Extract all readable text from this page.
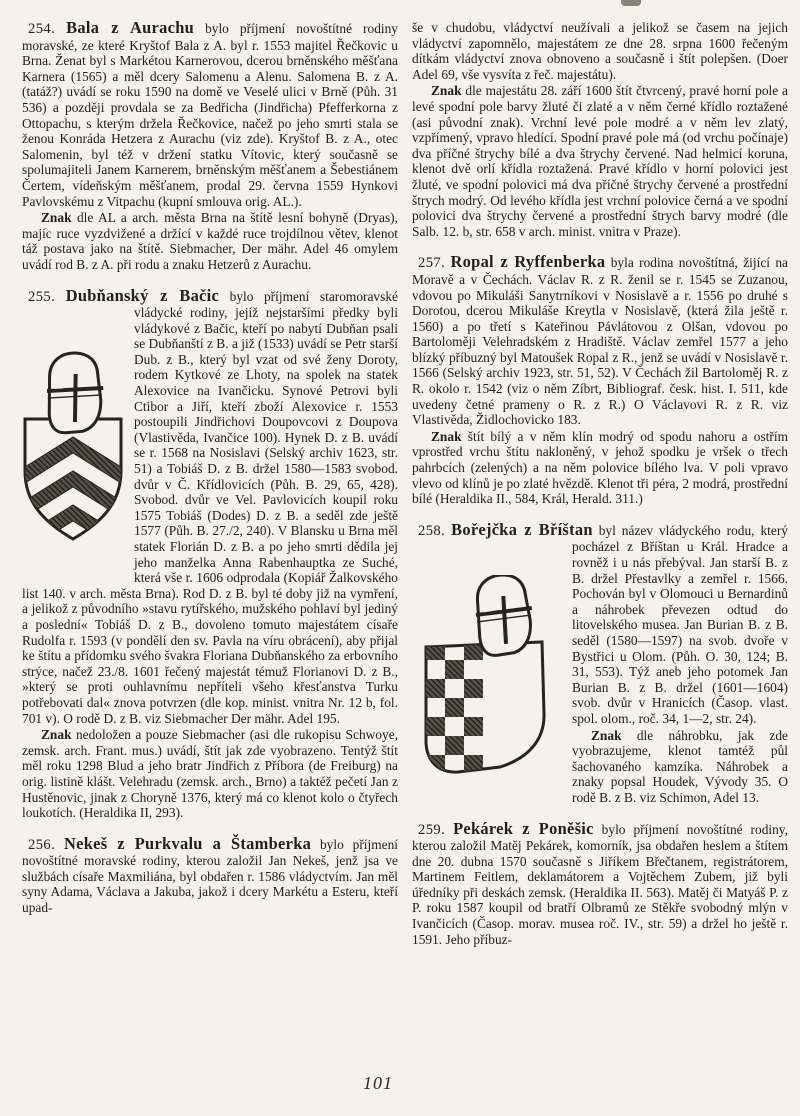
254. Bala z Aurachu bylo příjmení novoštítné rodiny moravské, ze které Kryštof Bala z A. byl r. 1553 majitel Řečkovic u Brna. Ženat byl s Markétou Karnerovou, dcerou brněnského měšťana Karnera (1565) a měl dcery Salomenu a Alenu. Salomena B. z A. (tatáž?) uvádí se roku 1590 na domě ve Veselé ulici v Brně (Půh. 31 536) a později provdala se za Bedřicha (Jindřicha) Pfefferkorna z Ottopachu, s kterým držela Řečkovice, načež po jeho smrti stala se ženou Konráda Hetzera z Aurachu (viz zde). Kryštof B. z A., otec Salomenin, byl též v držení statku Vítovic, který současně se spolumajiteli Janem Karnerem, brněnským měšťanem a Šebestiánem Čertem, vídeňským měšťanem, prodal 29. června 1559 Hynkovi Pavlovskému z Vitpachu (kupní smlouva orig. AL.).

Znak dle AL a arch. města Brna na štítě lesní bohyně (Dryas), majíc ruce vyzdvižené a držící v každé ruce trojdílnou větev, klenot táž postava jako na štítě. Siebmacher, Der mähr. Adel 46 omylem uvádí rod B. z A. při rodu a znaku Hetzerů z Aurachu.

255. Dubňanský z Bačic bylo příjmení staromoravské
vládycké rodiny, jejíž nejstaršími předky byli vládykové z Bačic, kteří po nabytí Dubňan psali se Dubňanští z B. a již (1533) uvádí se Petr starší Dub. z B., který byl vzat od své ženy Doroty, rodem Kytkové ze Lhoty, na spolek na statek Alexovice na Ivančicku. Synové Petrovi byli Ctibor a Jiří, kteří zboží Alexovice r. 1553 postoupili Jindřichovi Doupovcovi z Doupova (Vlastivěda, Ivančice 100). Hynek D. z B. uvádí se r. 1568 na Nosislavi (Selský archiv 1623, str. 51) a Tobiáš D. z B. držel 1580—1583 svobod. dvůr v Č. Křídlovicích (Půh. B. 29, 65, 428). Svobod. dvůr ve Vel. Pavlovicích koupil roku 1575 Tobiáš (Dodes) D. z B. a seděl zde ještě 1577 (Půh. B. 27./2, 240). V Blansku u Brna měl statek Florián D. z B. a po jeho smrti dědila jej jeho manželka Anna Rabenhauptka ze Suché, která vše r. 1606 odprodala (Kopiář Žalkovského list 140. v arch. města Brna). Rod D. z B. byl té doby již na vymření, a jelikož z původního »stavu rytířského, mužského pohlaví byl jediný a poslední« Tobiáš D. z B., dovoleno tomuto majestátem císaře Rudolfa r. 1593 (v pondělí den sv. Pavla na víru obrácení), aby přijal ke štítu a přídomku svého švakra Floriana Dubňanského za erbovního strýce, načež 23./8. 1601 řečený majestát témuž Florianovi D. z B., »který se proti ouhlavnímu nepříteli všeho křesťanstva Turku potřebovati dal« znova potvrzen (dle kop. minist. vnitra Nr. 12 b, fol. 701 v). O rodě D. z B. viz Siebmacher Der mähr. Adel 195.

Znak nedoložen a pouze Siebmacher (asi dle rukopisu Schwoye, zemsk. arch. Frant. mus.) uvádí, štít jak zde vyobrazeno. Tentýž štít měl roku 1298 Blud a jeho bratr Jindřich z Příbora (de Freiburg) na orig. listině klášt. Velehradu (zemsk. arch., Brno) a taktéž pečetí Jan z Hustěnovic, jinak z Choryně 1376, který má co klenot kolo o čtyřech loukotích. (Heraldika II, 293).

256. Nekeš z Purkvalu a Štamberka bylo příjmení novoštítné moravské rodiny, kterou založil Jan Nekeš, jenž jsa ve službách císaře Maxmiliána, byl obdařen r. 1586 vládyctvím. Jan měl syny Adama, Václava a Jakuba, jakož i dcery Markétu a Esteru, kteří upad-

še v chudobu, vládyctví neužívali a jelikož se časem na jejich vládyctví zapomnělo, majestátem ze dne 28. srpna 1600 řečeným dítkám vládyctví znova obnoveno a současně i štít polepšen. (Doer Adel 69, vše vysvíta z řeč. majestátu).

Znak dle majestátu 28. září 1600 štít čtvrcený, pravé horní pole a levé spodní pole barvy žluté či zlaté a v něm černé křídlo roztažené (asi původní znak). Vrchní levé pole modré a v něm lev zlatý, vzpřímený, vpravo hledící. Spodní pravé pole má (od vrchu počínaje) dva příčné štrychy bílé a dva štrychy červené. Nad helmicí koruna, klenot dvě orlí křídla roztažená. Pravé křídlo v horní polovici jest žluté, ve spodní polovici má dva příčné štrychy červené a prostřední štrych modrý. Od levého křídla jest vrchní polovice černá a ve spodní polovici dva štrychy červené a prostřední štrych barvy modré (dle Salb. 12. b, str. 658 v arch. minist. vnitra v Praze).

257. Ropal z Ryffenberka byla rodina novoštítná, žijící na Moravě a v Čechách. Václav R. z R. ženil se r. 1545 se Zuzanou, vdovou po Mikuláši Sanytrníkovi v Nosislavě a r. 1556 po druhé s Dorotou, dcerou Mikuláše Kreytla v Nosislavě, (která žila ještě r. 1560) a po třetí s Kateřinou Pávlátovou z Olšan, vdovou po Bartoloměji Velehradském z Hradiště. Václav zemřel 1577 a jeho blízký příbuzný byl Matoušek Ropal z R., jenž se uvádí v Nosislavě r. 1566 (Selský archiv 1923, str. 51, 52). V Čechách žil Bartoloměj R. z R. okolo r. 1542 (viz o něm Zíbrt, Bibliograf. česk. hist. I. 511, kde uvedeny četné prameny o R. z R.) O Václavovi R. z R. viz Vlastivěda, Židlochovicko 183.

Znak štít bílý a v něm klín modrý od spodu nahoru a ostřím vprostřed vrchu štítu nakloněný, v jehož spodku je vršek o třech pahrbcích (zelených) a na něm polovice bílého lva. V poli vpravo vlevo od klínů je po zlaté hvězdě. Klenot tři péra, 2 modrá, prostřední bílé (Heraldika II., 584, Král, Herald. 311.)

258. Bořejčka z Bříštan byl název vládyckého rodu, který pocházel z Bříštan u Král. Hradce a rovněž i u nás přebýval. Jan starší B. z B. držel Přestavlky a zemřel r. 1566. Pochován byl v Olomouci u Bernardinů a náhrobek převezen odtud do litovelského musea. Jan Burian B. z B. seděl (1580—1597) na svob. dvoře v Bystřici u Olom. (Půh. O. 30, 124; B. 31, 553). Týž aneb jeho potomek Jan Burian B. z B. držel (1601—1604) svob. dvůr v Hranicích (Časop. vlast. spol. olom., roč. 34, 1—2, str. 24).

Znak dle náhrobku, jak zde vyobrazujeme, klenot tamtéž půl šachovaného kamzíka. Náhrobek a znaky popsal Houdek, Vývody 35. O rodě B. z B. viz Schimon, Adel 13.

259. Pekárek z Poněšic bylo příjmení novoštítné rodiny, kterou založil Matěj Pekárek, komorník, jsa obdařen heslem a štítem dne 20. dubna 1570 současně s Jiříkem Břečtanem, registrátorem, Martinem Feitlem, deklamátorem a Vojtěchem Zubem, již byli úředníky při deskách zemsk. (Heraldika II. 563). Matěj či Matyáš P. z P. roku 1587 koupil od bratří Olbramů ze Stěkře svobodný mlýn v Ivančicích (Časop. morav. musea roč. IV., str. 59) a držel ho ještě r. 1591. Jeho příbuz-

101
